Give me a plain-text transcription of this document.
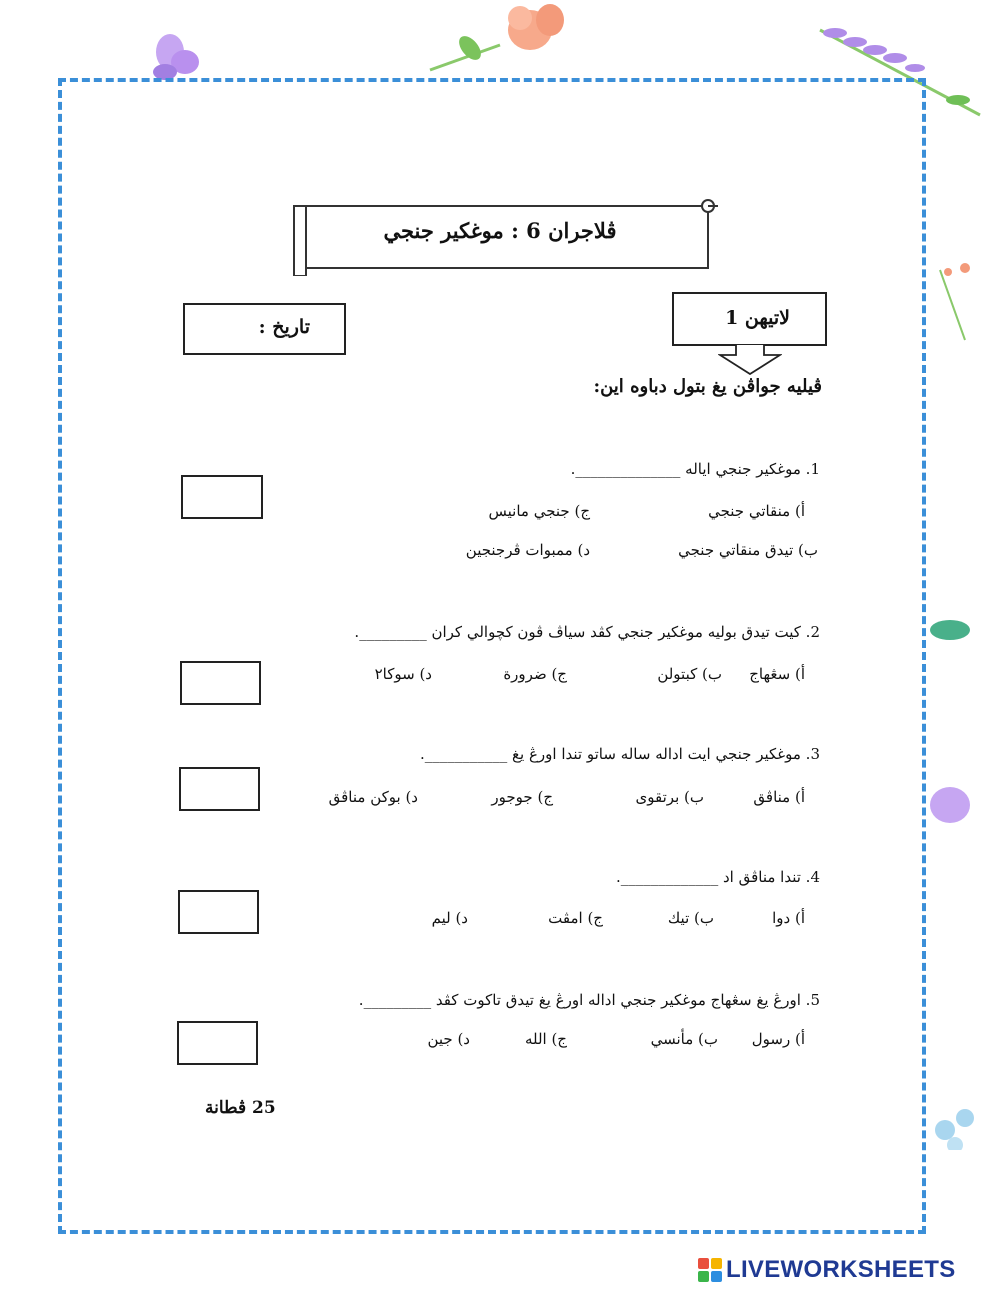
ڤلاجران 6 : موغکير جنجي
تاريخ :	لاتيهن 1
ڤيليه جواڤن يغ بتول دباوه اين:
1. موغکير جنجي اياله ______________.
أ) منقاتي جنجي
ج) جنجي مانيس
ب) تيدق منقاتي جنجي
د) ممبوات ڤرجنجين
2. كيت تيدق بوليه موغکير جنجي كڤد سياڤ ڤون كچوالي كران _________.
أ) سڠهاج
ب) كبتولن
ج) ضرورة
د) سوكا٢
3. موغکير جنجي ايت اداله ساله ساتو تندا اورڠ يغ ___________.
أ) مناڤق
ب) برتقوى
ج) جوجور
د) بوكن مناڤق
4. تندا مناڤق اد _____________.
أ) دوا
ب) تيك
ج) امڤت
د) ليم
5. اورڠ يغ سڠهاج موغکير جنجي اداله اورڠ يغ تيدق تاكوت كڤد _________.
أ) رسول
ب) مأنسي
ج) الله
د) جين
25 ڤطانة
LIVEWORKSHEETS
